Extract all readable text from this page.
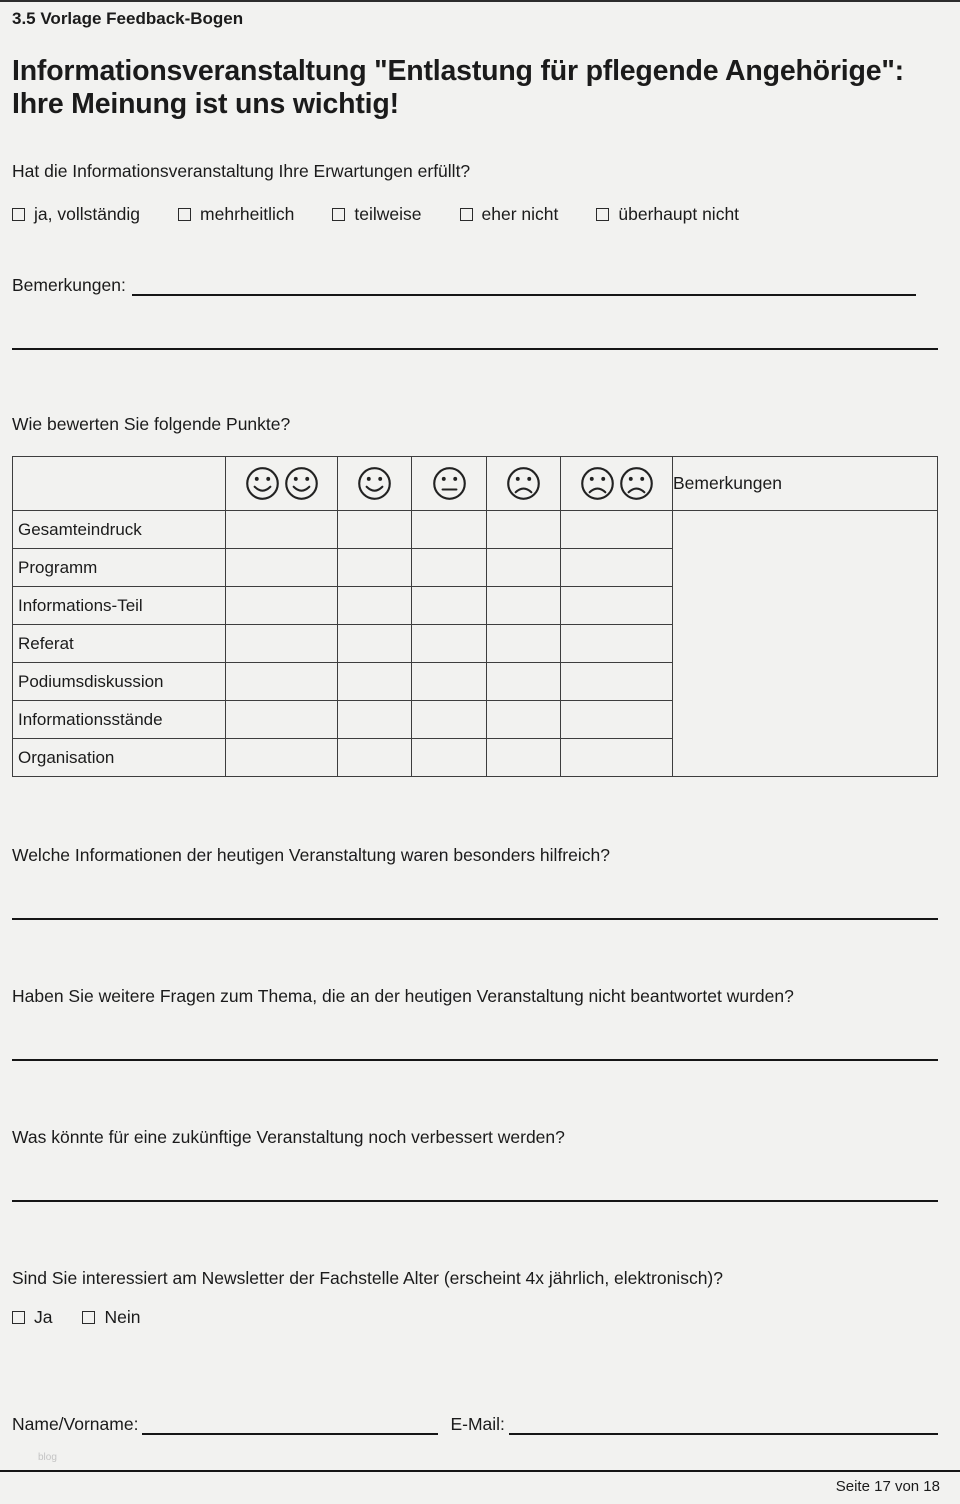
3.5 Vorlage Feedback-Bogen
Informationsveranstaltung "Entlastung für pflegende Angehörige":
Ihre Meinung ist uns wichtig!
Hat die Informationsveranstaltung Ihre Erwartungen erfüllt?
ja, vollständig	mehrheitlich	teilweise	eher nicht	überhaupt nicht
Bemerkungen:
Wie bewerten Sie folgende Punkte?

	Bemerkungen
Gesamteindruck						
Programm						
Informations-Teil						
Referat						
Podiumsdiskussion						
Informationsstände						
Organisation						
Welche Informationen der heutigen Veranstaltung waren besonders hilfreich?
Haben Sie weitere Fragen zum Thema, die an der heutigen Veranstaltung nicht beantwortet wurden?
Was könnte für eine zukünftige Veranstaltung noch verbessert werden?
Sind Sie interessiert am Newsletter der Fachstelle Alter (erscheint 4x jährlich, elektronisch)?
Ja	Nein
Name/Vorname:	E-Mail:
blog
Seite 17 von 18
